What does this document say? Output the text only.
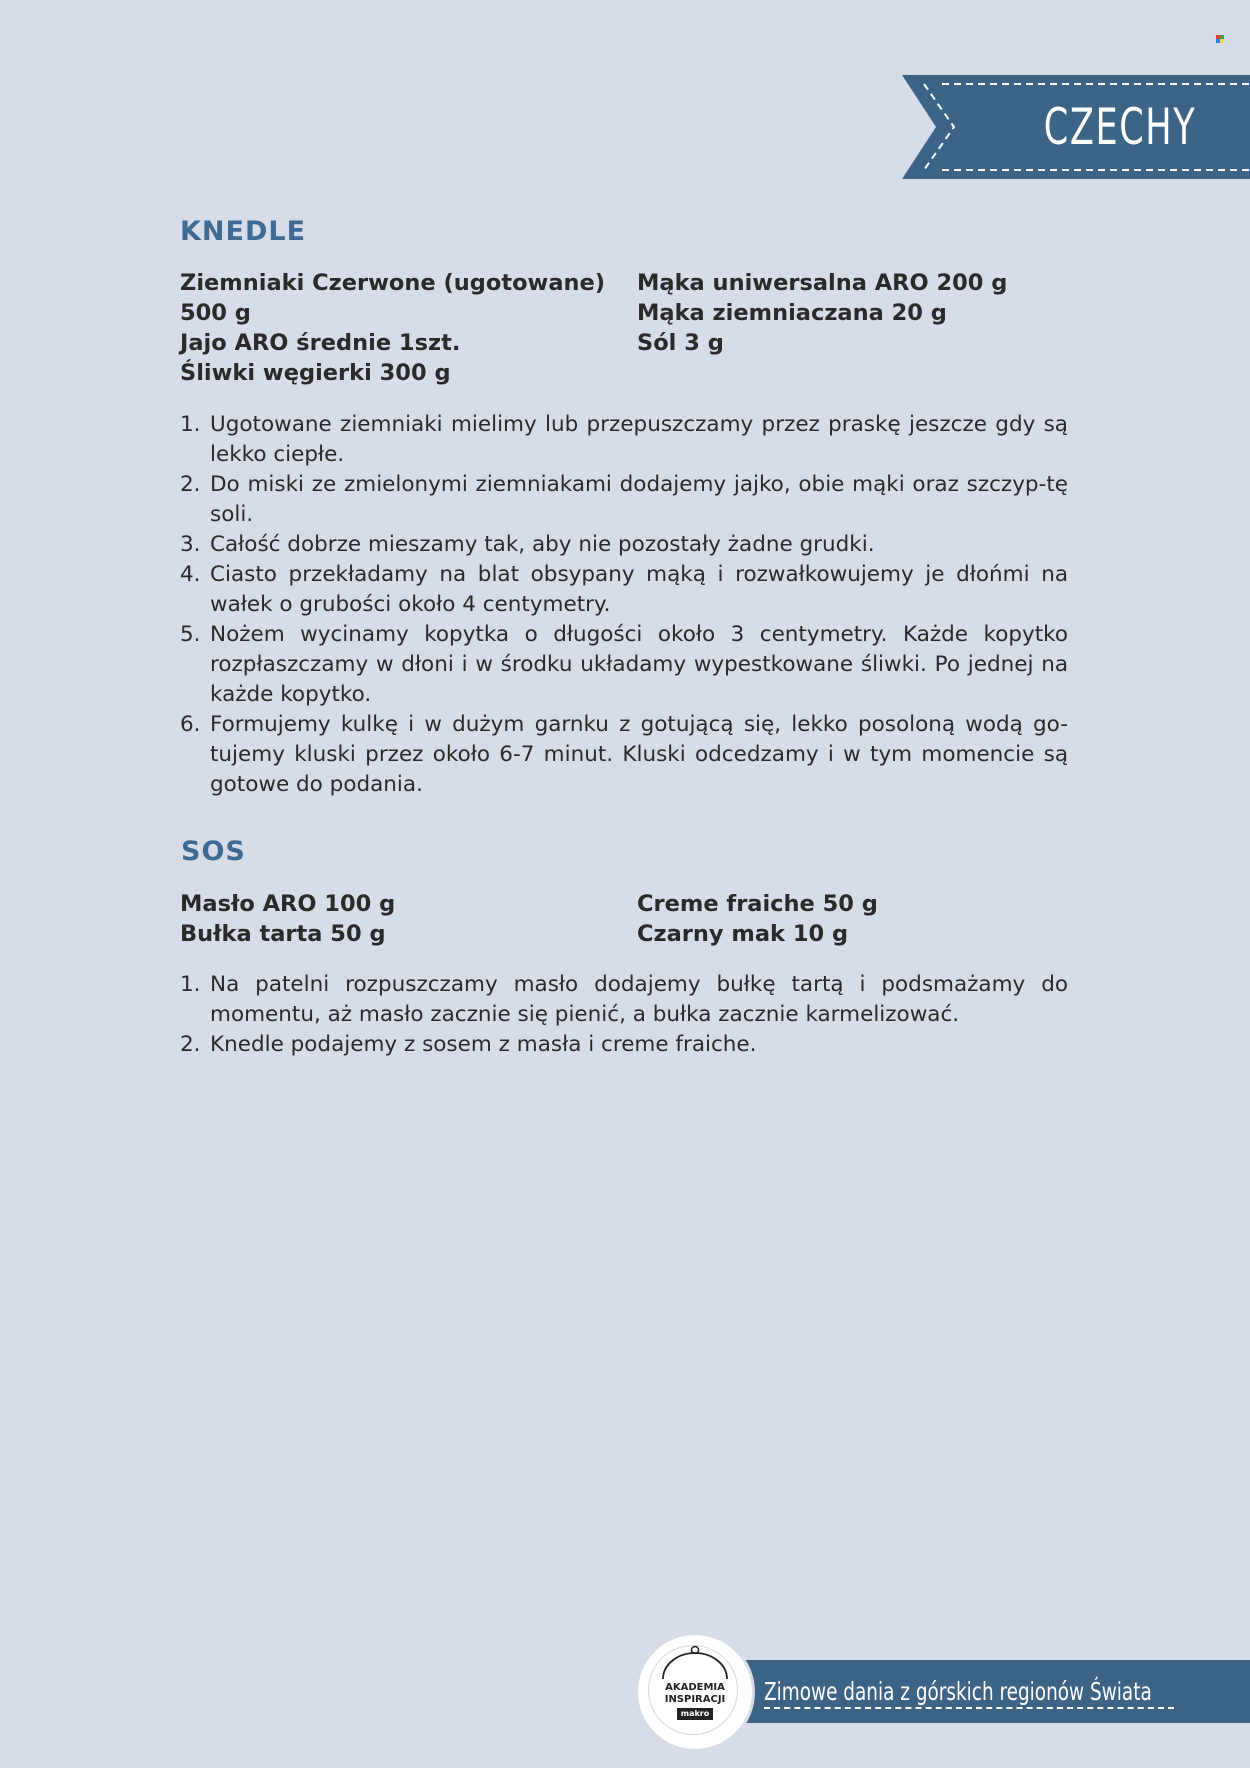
CZECHY
KNEDLE
Ziemniaki Czerwone (ugotowane)
500 g
Jajo ARO średnie 1szt.
Śliwki węgierki 300 g
Mąka uniwersalna ARO 200 g
Mąka ziemniaczana 20 g
Sól 3 g
1. Ugotowane ziemniaki mielimy lub przepuszczamy przez praskę jeszcze gdy są lekko ciepłe.
2. Do miski ze zmielonymi ziemniakami dodajemy jajko, obie mąki oraz szczyp-tę soli.
3. Całość dobrze mieszamy tak, aby nie pozostały żadne grudki.
4. Ciasto przekładamy na blat obsypany mąką i rozwałkowujemy je dłońmi na wałek o grubości około 4 centymetry.
5. Nożem wycinamy kopytka o długości około 3 centymetry. Każde kopytko rozpłaszczamy w dłoni i w środku układamy wypestkowane śliwki. Po jednej na każde kopytko.
6. Formujemy kulkę i w dużym garnku z gotującą się, lekko posoloną wodą go-tujemy kluski przez około 6-7 minut. Kluski odcedzamy i w tym momencie są gotowe do podania.
SOS
Masło ARO 100 g
Bułka tarta 50 g
Creme fraiche 50 g
Czarny mak 10 g
1. Na patelni rozpuszczamy masło dodajemy bułkę tartą i podsmażamy do momentu, aż masło zacznie się pienić, a bułka zacznie karmelizować.
2. Knedle podajemy z sosem z masła i creme fraiche.
Zimowe dania z górskich regionów Świata
AKADEMIA
INSPIRACJI
makro
